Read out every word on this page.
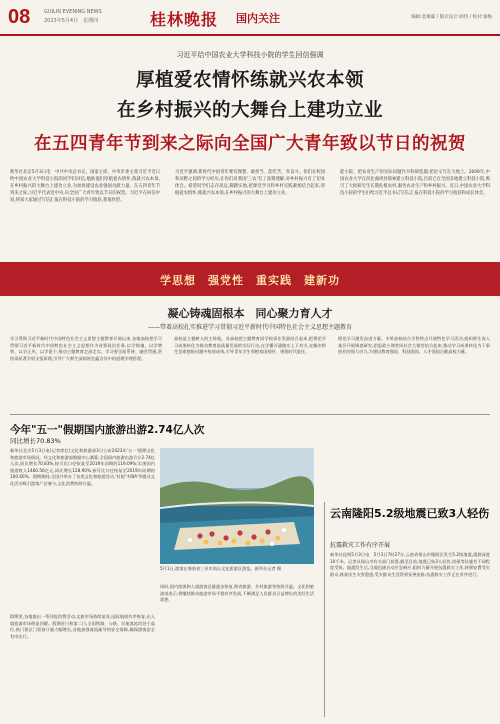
08	GUILIN EVENING NEWS
2023年5月4日　星期四	桂林晚报 国内关注	编辑:莫俊霖 / 版式设计:胡伟 / 校对:秦梅
习近平给中国农业大学科技小院的学生回信强调
厚植爱农情怀练就兴农本领
在乡村振兴的大舞台上建功立业
在五四青年节到来之际向全国广大青年致以节日的祝贺
新华社北京5月3日电　中共中央总书记、国家主席、中央军委主席习近平近日给中国农业大学科技小院的同学们回信,勉励他们厚植爱农情怀,练就兴农本领,在乡村振兴的大舞台上建功立业,为加快建设农业强国贡献力量。在五四青年节到来之际,习近平代表党中央,向全国广大青年致以节日的祝贺。习近平在回信中说,得知大家通过写信汇报在科技小院的学习收获,我很欣慰。
习近平强调,新时代中国青年要有理想、敢担当、能吃苦、肯奋斗。你们在校园和田野之间的学习经历,让你们对我国'三农'有了深刻理解,对乡村振兴有了切身体会。希望同学们志存高远,脚踏实地,把课堂学习和乡村实践紧密结合起来,厚植爱农情怀,练就兴农本领,在乡村振兴的大舞台上建功立业。
能小院。把农业生产的实际问题作为科研选题,把论文写在大地上。2009年,中国农业大学在河北曲周县探索建立科技小院,目前已在全国多地建立科技小院,吸引了大批研究生长期扎根农村,服务农业生产和乡村振兴。近日,中国农业大学科技小院的学生们给习近平总书记写信,汇报在科技小院的学习收获和成长体会。
学思想　强党性　重实践　建新功
凝心铸魂固根本　同心聚力育人才
——带着高校扎实推进学习贯彻习近平新时代中国特色社会主义思想主题教育
学习贯彻习近平新时代中国特色社会主义思想主题教育开展以来,各地高校把学习贯彻习近平新时代中国特色社会主义思想作为首要政治任务,以学铸魂、以学增智、以学正风、以学促干,推动主题教育走深走实。学习要全面系统、融会贯通,坚持读原著学原文悟原理,引导广大师生深刻领会蕴含其中的道理学理哲理。
高校是立德树人的主阵地。各高校把主题教育同学校事业发展结合起来,把理论学习成果转化为推动教育高质量发展的实际行动,在学懂弄通做实上下功夫,在解决师生急难愁盼问题中检验成效,引导青年学生厚植家国情怀、勇担时代重任。
理论学习激发奋进力量。多所高校结合学科特点开展特色学习活动,组织师生深入基层开展调查研究,把思政小课堂同社会大课堂结合起来,推动学习成果转化为干事创业的强大动力,为建设教育强国、科技强国、人才强国贡献高校力量。
今年"五一"假期国内旅游出游2.74亿人次
同比增长70.83%
新华社北京5月3日电(记者徐壮)文化和旅游部3日公布2023年'五一'假期文化和旅游市场情况。经文化和旅游部数据中心测算,全国国内旅游出游合计2.74亿人次,同比增长70.83%,按可比口径恢复至2019年同期的119.09%;实现国内旅游收入1480.56亿元,同比增长128.90%,按可比口径恢复至2019年同期的100.66%。假期期间,全国共举办了各类文化和旅游活动,'村超''村BA'等群众文化活动吸引游客广泛参与,文化消费持续升温。
假期里,各地推出一系列促消费活动,文旅市场持续复苏,国际航线有序恢复,出入境旅游市场明显回暖。假期首日和第二日,全国铁路、公路、民航客流均处于高位,热门景区门票预订量大幅增长,各地加强客流疏导和安全保障,确保游客安全有序出行。
5月1日,游客在海南省三亚市南山文化旅游区游览。新华社记者 摄
同时,国内游客和入境游客总量逐步恢复,跨省旅游、乡村旅游等持续升温。文化和旅游部表示,将继续推动旅游市场平稳有序发展,不断满足人民群众日益增长的美好生活需要。
云南隆阳5.2级地震已致3人轻伤
抗震救灾工作有序开展
新华社昆明5月3日电　5月3日7时27分,云南省保山市隆阳区发生5.2级地震,震源深度10千米。记者从保山市有关部门获悉,截至目前,地震已致3人轻伤,房屋等设施有不同程度受损。地震发生后,当地迅速启动应急响应,组织力量开展抗震救灾工作,转移安置受灾群众,排查次生灾害隐患,受灾群众生活得到妥善安排,抗震救灾工作正在有序进行。
